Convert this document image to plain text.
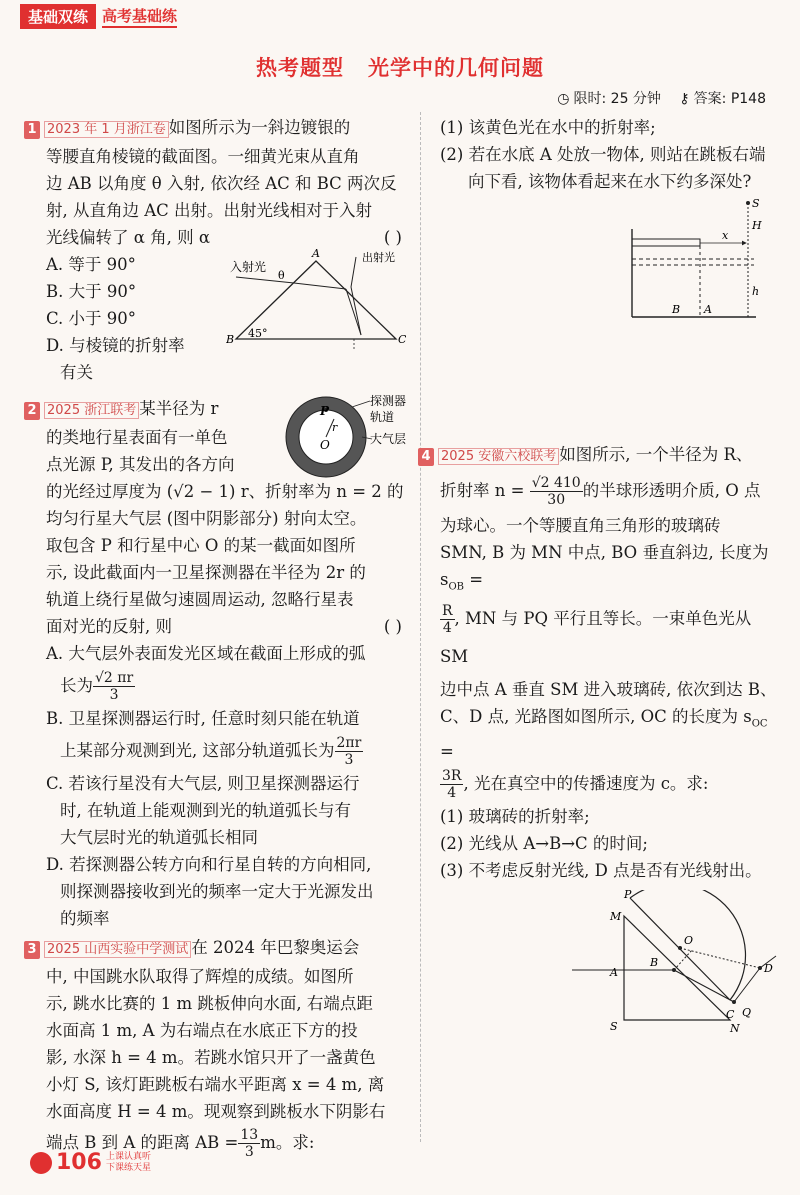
基础双练 高考基础练
热考题型 光学中的几何问题
◷ 限时: 25 分钟 ⚷ 答案: P148
1 2023 年 1 月浙江卷 如图所示为一斜边镀银的
等腰直角棱镜的截面图。一细黄光束从直角
边 AB 以角度 θ 入射, 依次经 AC 和 BC 两次反
射, 从直角边 AC 出射。出射光线相对于入射
光线偏转了 α 角, 则 α	( )
A. 等于 90°
B. 大于 90°
C. 小于 90°
D. 与棱镜的折射率
有关
入射光
θ
A
B	C
45°
出射光
P
r
O
探测器
轨道
大气层
2 2025 浙江联考 某半径为 r
的类地行星表面有一单色
点光源 P, 其发出的各方向
的光经过厚度为 (√2 − 1) r、折射率为 n = 2 的
均匀行星大气层 (图中阴影部分) 射向太空。
取包含 P 和行星中心 O 的某一截面如图所
示, 设此截面内一卫星探测器在半径为 2r 的
轨道上绕行星做匀速圆周运动, 忽略行星表
面对光的反射, 则	( )
A. 大气层外表面发光区域在截面上形成的弧
长为 $\frac{√2 \pi r}{3}$
B. 卫星探测器运行时, 任意时刻只能在轨道
上某部分观测到光, 这部分轨道弧长为 $\frac{2\pi r}{3}$
C. 若该行星没有大气层, 则卫星探测器运行
时, 在轨道上能观测到光的轨道弧长与有
大气层时光的轨道弧长相同
D. 若探测器公转方向和行星自转的方向相同,
则探测器接收到光的频率一定大于光源发出
的频率
3 2025 山西实验中学测试 在 2024 年巴黎奥运会
中, 中国跳水队取得了辉煌的成绩。如图所
示, 跳水比赛的 1 m 跳板伸向水面, 右端点距
水面高 1 m, A 为右端点在水底正下方的投
影, 水深 h = 4 m。若跳水馆只开了一盏黄色
小灯 S, 该灯距跳板右端水平距离 x = 4 m, 离
水面高度 H = 4 m。现观察到跳板水下阴影右
端点 B 到 A 的距离 AB = $\frac{13}{3}$ m。求:
(1) 该黄色光在水中的折射率;
(2) 若在水底 A 处放一物体, 则站在跳板右端
向下看, 该物体看起来在水下约多深处?
S
H
x
h
B A
4 2025 安徽六校联考 如图所示, 一个半径为 R、
折射率 $n = \frac{√2 410}{30}$ 的半球形透明介质, O 点
为球心。一个等腰直角三角形的玻璃砖
SMN, B 为 MN 中点, BO 垂直斜边, 长度为 $s_{OB}$ =
$\frac{R}{4}$ , MN 与 PQ 平行且等长。一束单色光从 SM
边中点 A 垂直 SM 进入玻璃砖, 依次到达 B、
C、D 点, 光路图如图所示, OC 的长度为 $s_{OC}$ =
$\frac{3R}{4}$ , 光在真空中的传播速度为 c。求:
(1) 玻璃砖的折射率;
(2) 光线从 A→B→C 的时间;
(3) 不考虑反射光线, D 点是否有光线射出。
P
M
O
B
A	D
C Q
S	N
106 上课认真听
下课练天星
